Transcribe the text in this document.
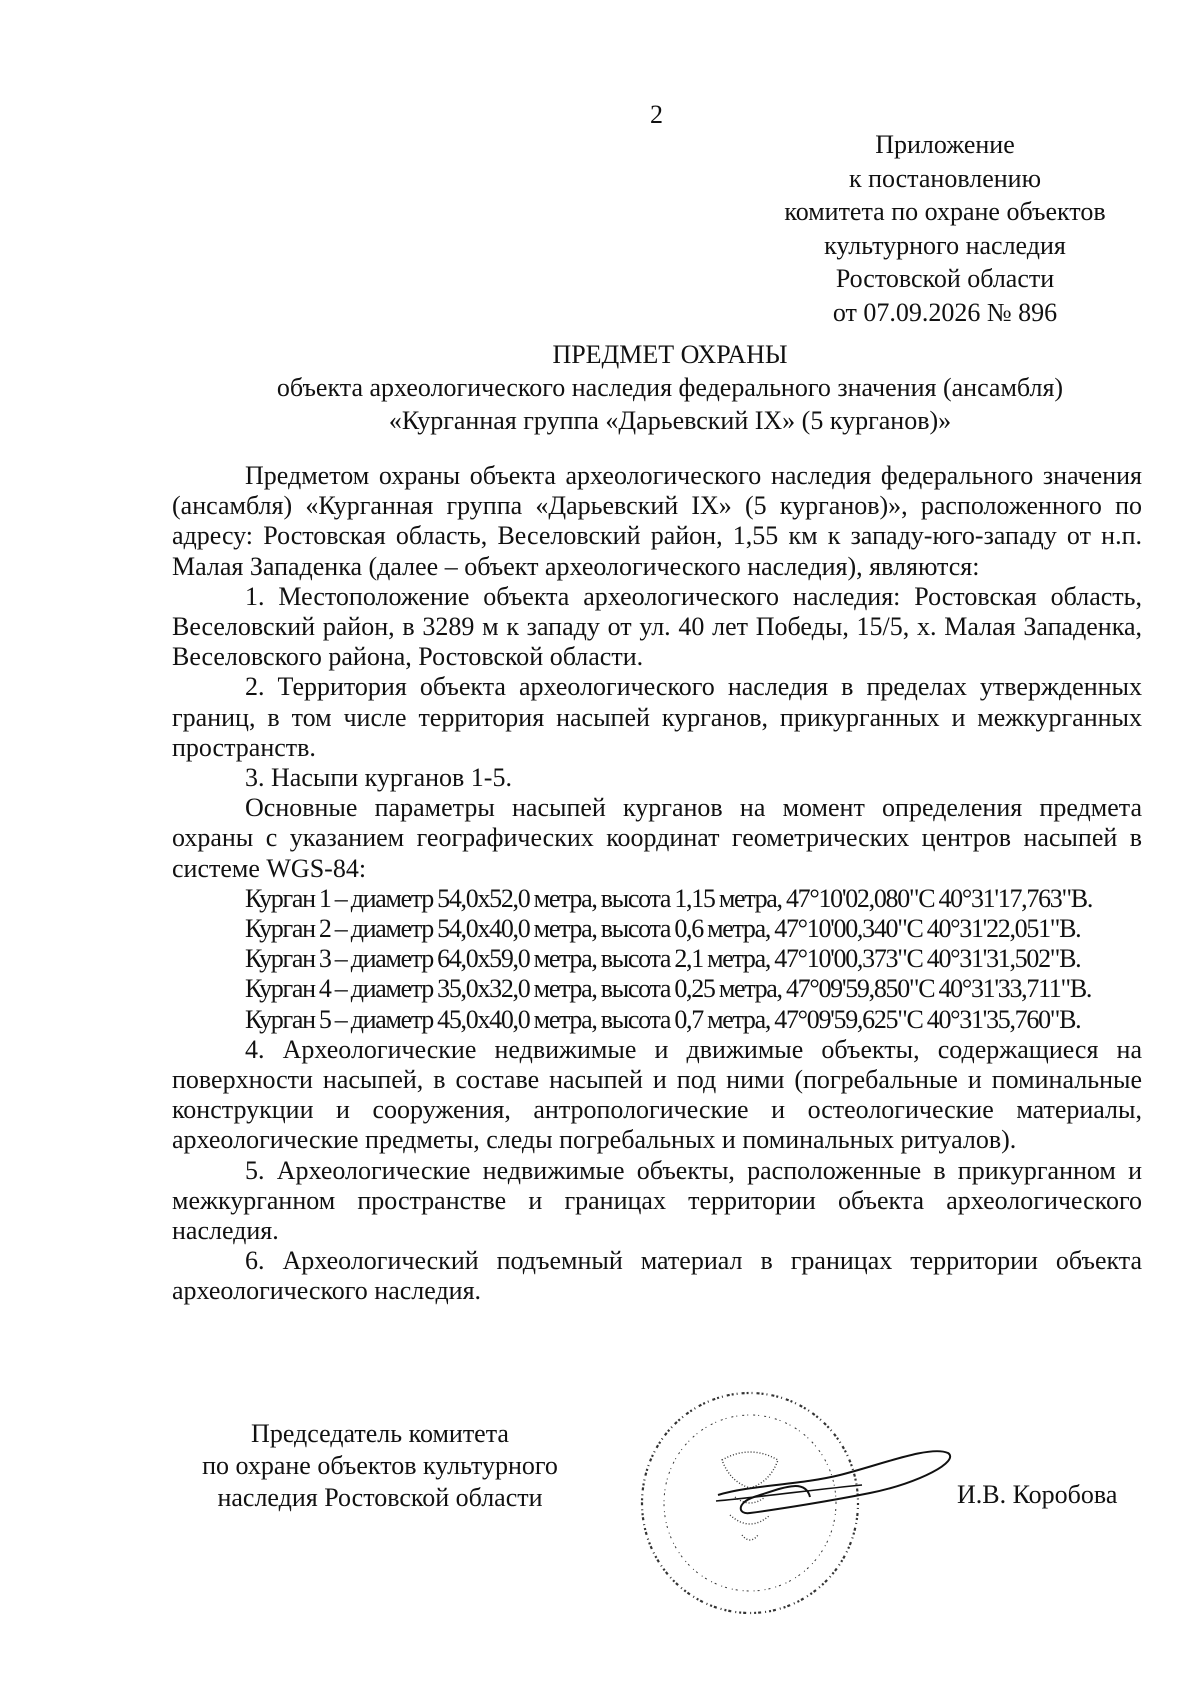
2
Приложение
к постановлению
комитета по охране объектов
культурного наследия
Ростовской области
от 07.09.2026 № 896
ПРЕДМЕТ ОХРАНЫ
объекта археологического наследия федерального значения (ансамбля)
«Курганная группа «Дарьевский IX» (5 курганов)»

Предметом охраны объекта археологического наследия федерального значения (ансамбля) «Курганная группа «Дарьевский IX» (5 курганов)», расположенного по адресу: Ростовская область, Веселовский район, 1,55 км к западу-юго-западу от н.п. Малая Западенка (далее – объект археологического наследия), являются:

1. Местоположение объекта археологического наследия: Ростовская область, Веселовский район, в 3289 м к западу от ул. 40 лет Победы, 15/5, х. Малая Западенка, Веселовского района, Ростовской области.

2. Территория объекта археологического наследия в пределах утвержденных границ, в том числе территория насыпей курганов, прикурганных и межкурганных пространств.

3. Насыпи курганов 1-5.

Основные параметры насыпей курганов на момент определения предмета охраны с указанием географических координат геометрических центров насыпей в системе WGS-84:

Курган 1 – диаметр 54,0х52,0 метра, высота 1,15 метра, 47°10'02,080"С 40°31'17,763"В.
Курган 2 – диаметр 54,0х40,0 метра, высота 0,6 метра, 47°10'00,340"С 40°31'22,051"В.
Курган 3 – диаметр 64,0х59,0 метра, высота 2,1 метра, 47°10'00,373"С 40°31'31,502"В.
Курган 4 – диаметр 35,0х32,0 метра, высота 0,25 метра, 47°09'59,850"С 40°31'33,711"В.
Курган 5 – диаметр 45,0х40,0 метра, высота 0,7 метра, 47°09'59,625"С 40°31'35,760"В.

4. Археологические недвижимые и движимые объекты, содержащиеся на поверхности насыпей, в составе насыпей и под ними (погребальные и поминальные конструкции и сооружения, антропологические и остеологические материалы, археологические предметы, следы погребальных и поминальных ритуалов).

5. Археологические недвижимые объекты, расположенные в прикурганном и межкурганном пространстве и границах территории объекта археологического наследия.

6. Археологический подъемный материал в границах территории объекта археологического наследия.

Председатель комитета
по охране объектов культурного
наследия Ростовской области	И.В. Коробова
